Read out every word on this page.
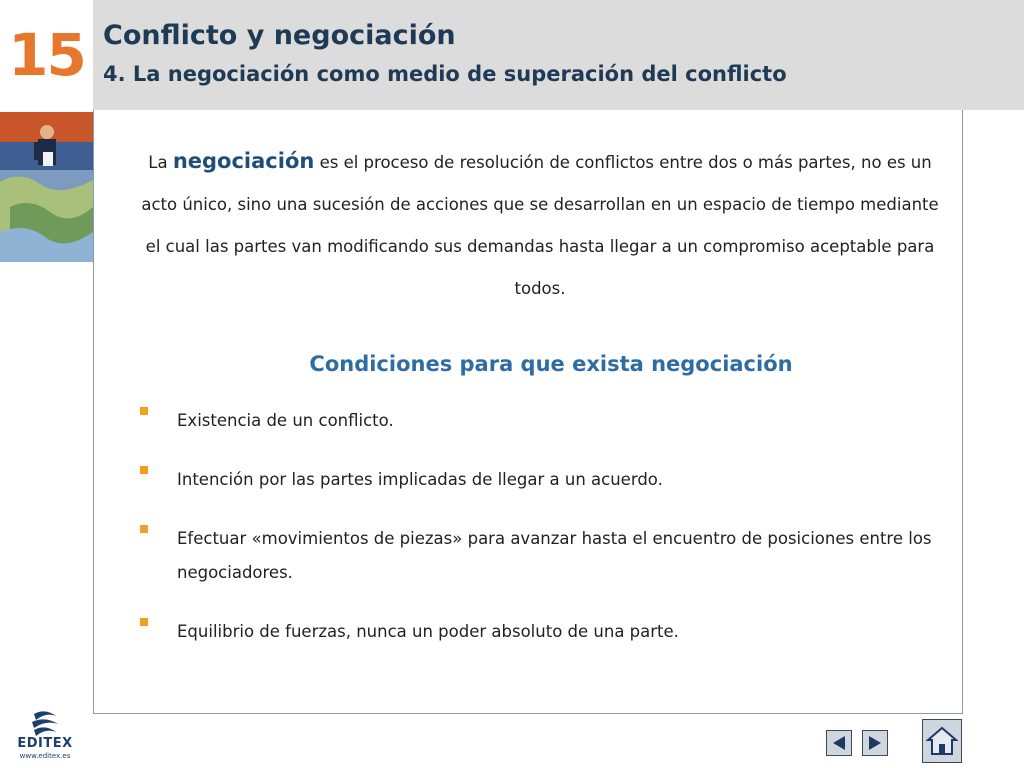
15 Conflicto y negociación
4. La negociación como medio de superación del conflicto
La negociación es el proceso de resolución de conflictos entre dos o más partes, no es un acto único, sino una sucesión de acciones que se desarrollan en un espacio de tiempo mediante el cual las partes van modificando sus demandas hasta llegar a un compromiso aceptable para todos.
Condiciones para que exista negociación
Existencia de un conflicto.
Intención por las partes implicadas de llegar a un acuerdo.
Efectuar «movimientos de piezas» para avanzar hasta el encuentro de posiciones entre los negociadores.
Equilibrio de fuerzas, nunca un poder absoluto de una parte.
EDITEX
www.editex.es
